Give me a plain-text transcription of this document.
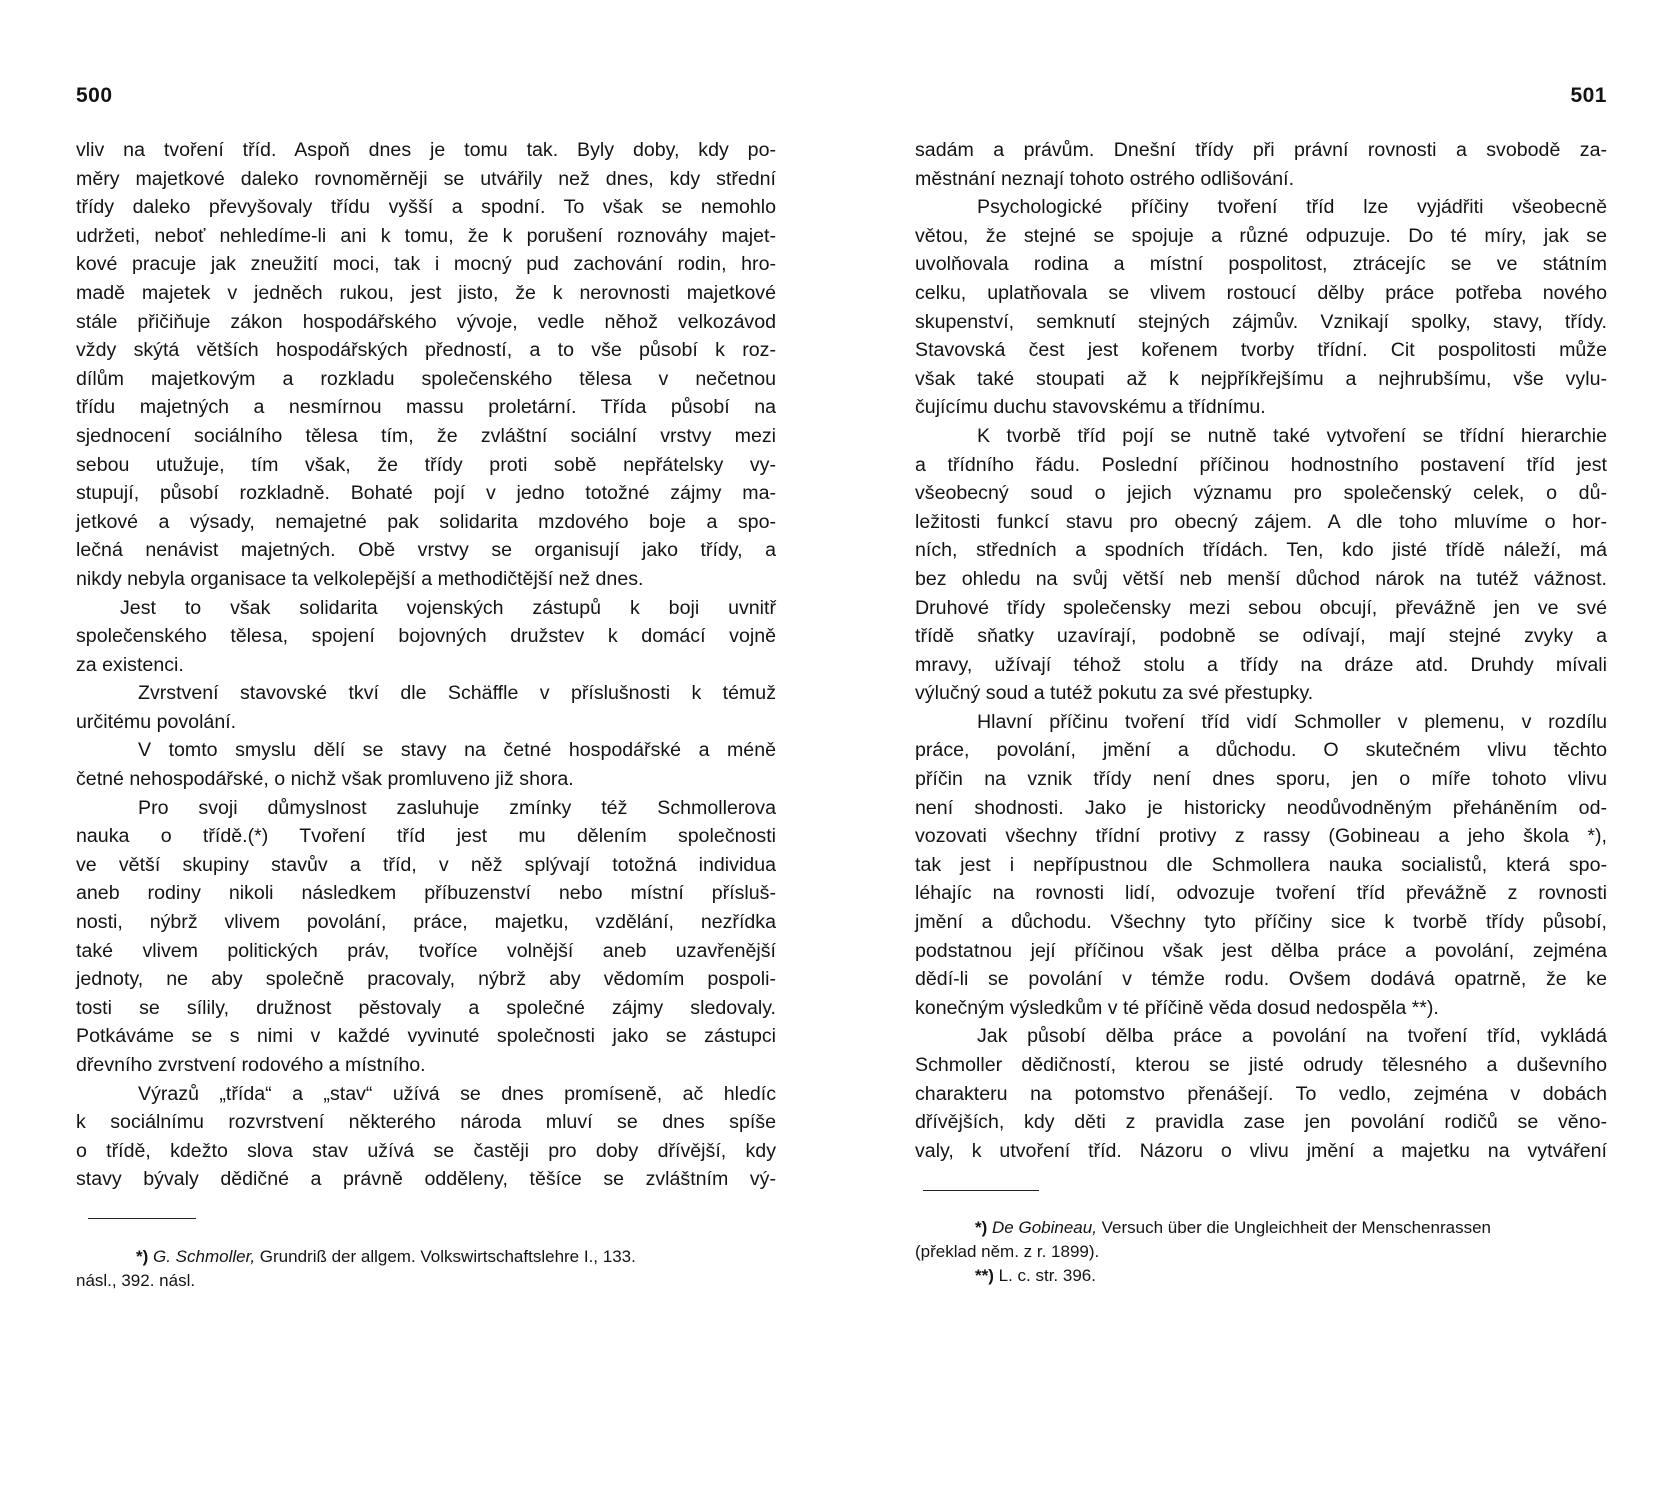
500
vliv na tvoření tříd. Aspoň dnes je tomu tak. Byly doby, kdy po-
měry majetkové daleko rovnoměrněji se utvářily než dnes, kdy střední
třídy daleko převyšovaly třídu vyšší a spodní. To však se nemohlo
udržeti, neboť nehledíme-li ani k tomu, že k porušení roznováhy majet-
kové pracuje jak zneužití moci, tak i mocný pud zachování rodin, hro-
madě majetek v jedněch rukou, jest jisto, že k nerovnosti majetkové
stále přičiňuje zákon hospodářského vývoje, vedle něhož velkozávod
vždy skýtá větších hospodářských předností, a to vše působí k roz-
dílům majetkovým a rozkladu společenského tělesa v nečetnou
třídu majetných a nesmírnou massu proletární. Třída působí na
sjednocení sociálního tělesa tím, že zvláštní sociální vrstvy mezi
sebou utužuje, tím však, že třídy proti sobě nepřátelsky vy-
stupují, působí rozkladně. Bohaté pojí v jedno totožné zájmy ma-
jetkové a výsady, nemajetné pak solidarita mzdového boje a spo-
lečná nenávist majetných. Obě vrstvy se organisují jako třídy, a
nikdy nebyla organisace ta velkolepější a methodičtější než dnes.
Jest to však solidarita vojenských zástupů k boji uvnitř
společenského tělesa, spojení bojovných družstev k domácí vojně
za existenci.
Zvrstvení stavovské tkví dle Schäffle v příslušnosti k témuž
určitému povolání.
V tomto smyslu dělí se stavy na četné hospodářské a méně
četné nehospodářské, o nichž však promluveno již shora.
Pro svoji důmyslnost zasluhuje zmínky též Schmollerova
nauka o třídě.(*) Tvoření tříd jest mu dělením společnosti
ve větší skupiny stavův a tříd, v něž splývají totožná individua
aneb rodiny nikoli následkem příbuzenství nebo místní přísluš-
nosti, nýbrž vlivem povolání, práce, majetku, vzdělání, nezřídka
také vlivem politických práv, tvoříce volnější aneb uzavřenější
jednoty, ne aby společně pracovaly, nýbrž aby vědomím pospoli-
tosti se sílily, družnost pěstovaly a společné zájmy sledovaly.
Potkáváme se s nimi v každé vyvinuté společnosti jako se zástupci
dřevního zvrstvení rodového a místního.
Výrazů „třída“ a „stav“ užívá se dnes promíseně, ač hledíc
k sociálnímu rozvrstvení některého národa mluví se dnes spíše
o třídě, kdežto slova stav užívá se častěji pro doby dřívější, kdy
stavy bývaly dědičné a právně odděleny, těšíce se zvláštním vý-
*) G. Schmoller, Grundriß der allgem. Volkswirtschaftslehre I., 133.
násl., 392. násl.
501
sadám a právům. Dnešní třídy při právní rovnosti a svobodě za-
městnání neznají tohoto ostrého odlišování.
Psychologické příčiny tvoření tříd lze vyjádřiti všeobecně
větou, že stejné se spojuje a různé odpuzuje. Do té míry, jak se
uvolňovala rodina a místní pospolitost, ztrácejíc se ve státním
celku, uplatňovala se vlivem rostoucí dělby práce potřeba nového
skupenství, semknutí stejných zájmův. Vznikají spolky, stavy, třídy.
Stavovská čest jest kořenem tvorby třídní. Cit pospolitosti může
však také stoupati až k nejpříkřejšímu a nejhrubšímu, vše vylu-
čujícímu duchu stavovskému a třídnímu.
K tvorbě tříd pojí se nutně také vytvoření se třídní hierarchie
a třídního řádu. Poslední příčinou hodnostního postavení tříd jest
všeobecný soud o jejich významu pro společenský celek, o dů-
ležitosti funkcí stavu pro obecný zájem. A dle toho mluvíme o hor-
ních, středních a spodních třídách. Ten, kdo jisté třídě náleží, má
bez ohledu na svůj větší neb menší důchod nárok na tutéž vážnost.
Druhové třídy společensky mezi sebou obcují, převážně jen ve své
třídě sňatky uzavírají, podobně se odívají, mají stejné zvyky a
mravy, užívají téhož stolu a třídy na dráze atd. Druhdy mívali
výlučný soud a tutéž pokutu za své přestupky.
Hlavní příčinu tvoření tříd vidí Schmoller v plemenu, v rozdílu
práce, povolání, jmění a důchodu. O skutečném vlivu těchto
příčin na vznik třídy není dnes sporu, jen o míře tohoto vlivu
není shodnosti. Jako je historicky neodůvodněným přeháněním od-
vozovati všechny třídní protivy z rassy (Gobineau a jeho škola *),
tak jest i nepřípustnou dle Schmollera nauka socialistů, která spo-
léhajíc na rovnosti lidí, odvozuje tvoření tříd převážně z rovnosti
jmění a důchodu. Všechny tyto příčiny sice k tvorbě třídy působí,
podstatnou její příčinou však jest dělba práce a povolání, zejména
dědí-li se povolání v témže rodu. Ovšem dodává opatrně, že ke
konečným výsledkům v té příčině věda dosud nedospěla **).
Jak působí dělba práce a povolání na tvoření tříd, vykládá
Schmoller dědičností, kterou se jisté odrudy tělesného a duševního
charakteru na potomstvo přenášejí. To vedlo, zejména v dobách
dřívějších, kdy děti z pravidla zase jen povolání rodičů se věno-
valy, k utvoření tříd. Názoru o vlivu jmění a majetku na vytváření
*) De Gobineau, Versuch über die Ungleichheit der Menschenrassen
(překlad něm. z r. 1899).
**) L. c. str. 396.
